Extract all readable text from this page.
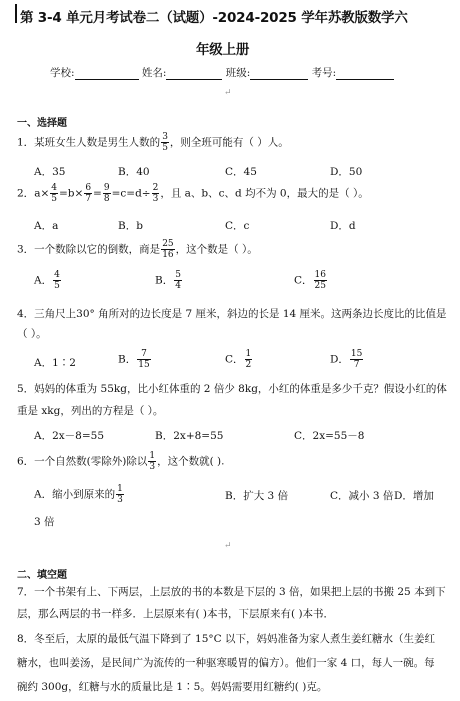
第 3-4 单元月考试卷二（试题）-2024-2025 学年苏教版数学六
年级上册
学校:	姓名:	班级:	考号:
↵
一、选择题
1．某班女生人数是男生人数的 $\frac{3}{5}$ ，则全班可能有（ ）人。
A．35	B．40	C．45	D．50
2．$a\times \frac{4}{5} =b\times \frac{6}{7} = \frac{9}{8} =c=d\div \frac{2}{3}$ ，且 a、b、c、d 均不为 0，最大的是（ ）。
A．a	B．b	C．c	D．d
3．一个数除以它的倒数，商是 $\frac{25}{16}$ ，这个数是（ ）。
A． $\frac{4}{5}$	B． $\frac{5}{4}$	C． $\frac{16}{25}$
4．三角尺上30° 角所对的边长度是 7 厘米，斜边的长是 14 厘米。这两条边长度比的比值是
（ ）。
A．1∶2	B． $\frac{7}{15}$	C． $\frac{1}{2}$	D． $\frac{15}{7}$
5．妈妈的体重为 55kg，比小红体重的 2 倍少 8kg，小红的体重是多少千克？假设小红的体
重是 xkg，列出的方程是（ ）。
A．2x－8=55	B．2x+8=55	C．2x=55－8
6．一个自然数(零除外)除以 $\frac{1}{3}$ ，这个数就( ).
A．缩小到原来的 $\frac{1}{3}$	B．扩大 3 倍	C．减小 3 倍 D．增加
3 倍
↵
二、填空题
7．一个书架有上、下两层，上层放的书的本数是下层的 3 倍，如果把上层的书搬 25 本到下
层，那么两层的书一样多．上层原来有( )本书，下层原来有( )本书．
8．冬至后，太原的最低气温下降到了 15°C 以下，妈妈准备为家人煮生姜红糖水（生姜红
糖水，也叫姜汤，是民间广为流传的一种驱寒暖胃的偏方）。他们一家 4 口，每人一碗。每
碗约 300g，红糖与水的质量比是 1∶5。妈妈需要用红糖约( )克。
